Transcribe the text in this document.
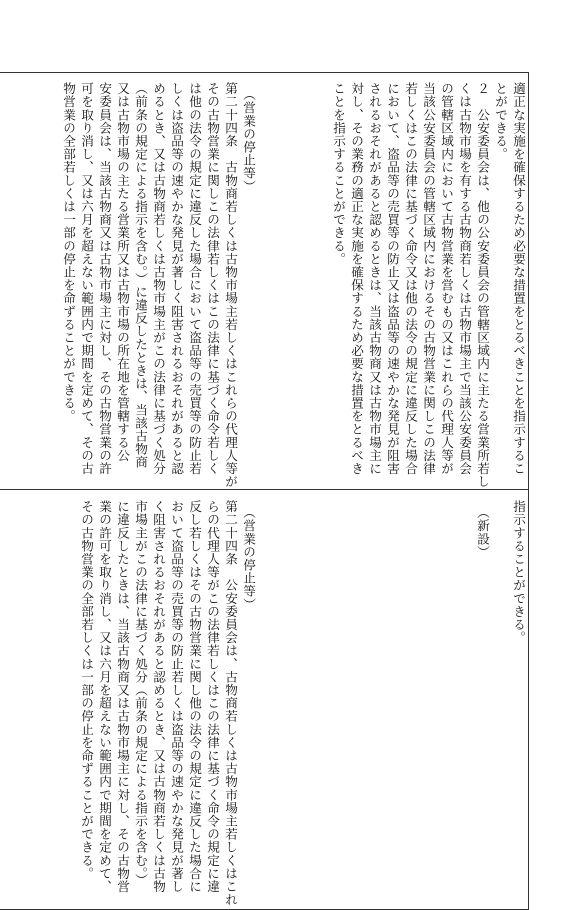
適正な実施を確保するため必要な措置をとるべきことを指示するこ
とができる。
２　公安委員会は、他の公安委員会の管轄区域内に主たる営業所若し
くは古物市場を有する古物商若しくは古物市場主で当該公安委員会
の管轄区域内において古物営業を営むもの又はこれらの代理人等が
当該公安委員会の管轄区域内におけるその古物営業に関しこの法律
若しくはこの法律に基づく命令又は他の法令の規定に違反した場合
において、盗品等の売買等の防止又は盗品等の速やかな発見が阻害
されるおそれがあると認めるときは、当該古物商又は古物市場主に
対し、その業務の適正な実施を確保するため必要な措置をとるべき
ことを指示することができる。
（営業の停止等）
第二十四条　古物商若しくは古物市場主若しくはこれらの代理人等が
その古物営業に関しこの法律若しくはこの法律に基づく命令若しく
は他の法令の規定に違反した場合において盗品等の売買等の防止若
しくは盗品等の速やかな発見が著しく阻害されるおそれがあると認
めるとき、又は古物商若しくは古物市場主がこの法律に基づく処分
（前条の規定による指示を含む。）に違反したときは、当該古物商
又は古物市場の主たる営業所又は古物市場の所在地を管轄する公
安委員会は、当該古物商又は古物市場主に対し、その古物営業の許
可を取り消し、又は六月を超えない範囲内で期間を定めて、その古
物営業の全部若しくは一部の停止を命ずることができる。
指示することができる。
（新設）
（営業の停止等）
第二十四条　公安委員会は、古物商若しくは古物市場主若しくはこれ
らの代理人等がこの法律若しくはこの法律に基づく命令の規定に違
反し若しくはその古物営業に関し他の法令の規定に違反した場合に
おいて盗品等の売買等の防止若しくは盗品等の速やかな発見が著し
く阻害されるおそれがあると認めるとき、又は古物商若しくは古物
市場主がこの法律に基づく処分（前条の規定による指示を含む。）
に違反したときは、当該古物商又は古物市場主に対し、その古物営
業の許可を取り消し、又は六月を超えない範囲内で期間を定めて、
その古物営業の全部若しくは一部の停止を命ずることができる。
